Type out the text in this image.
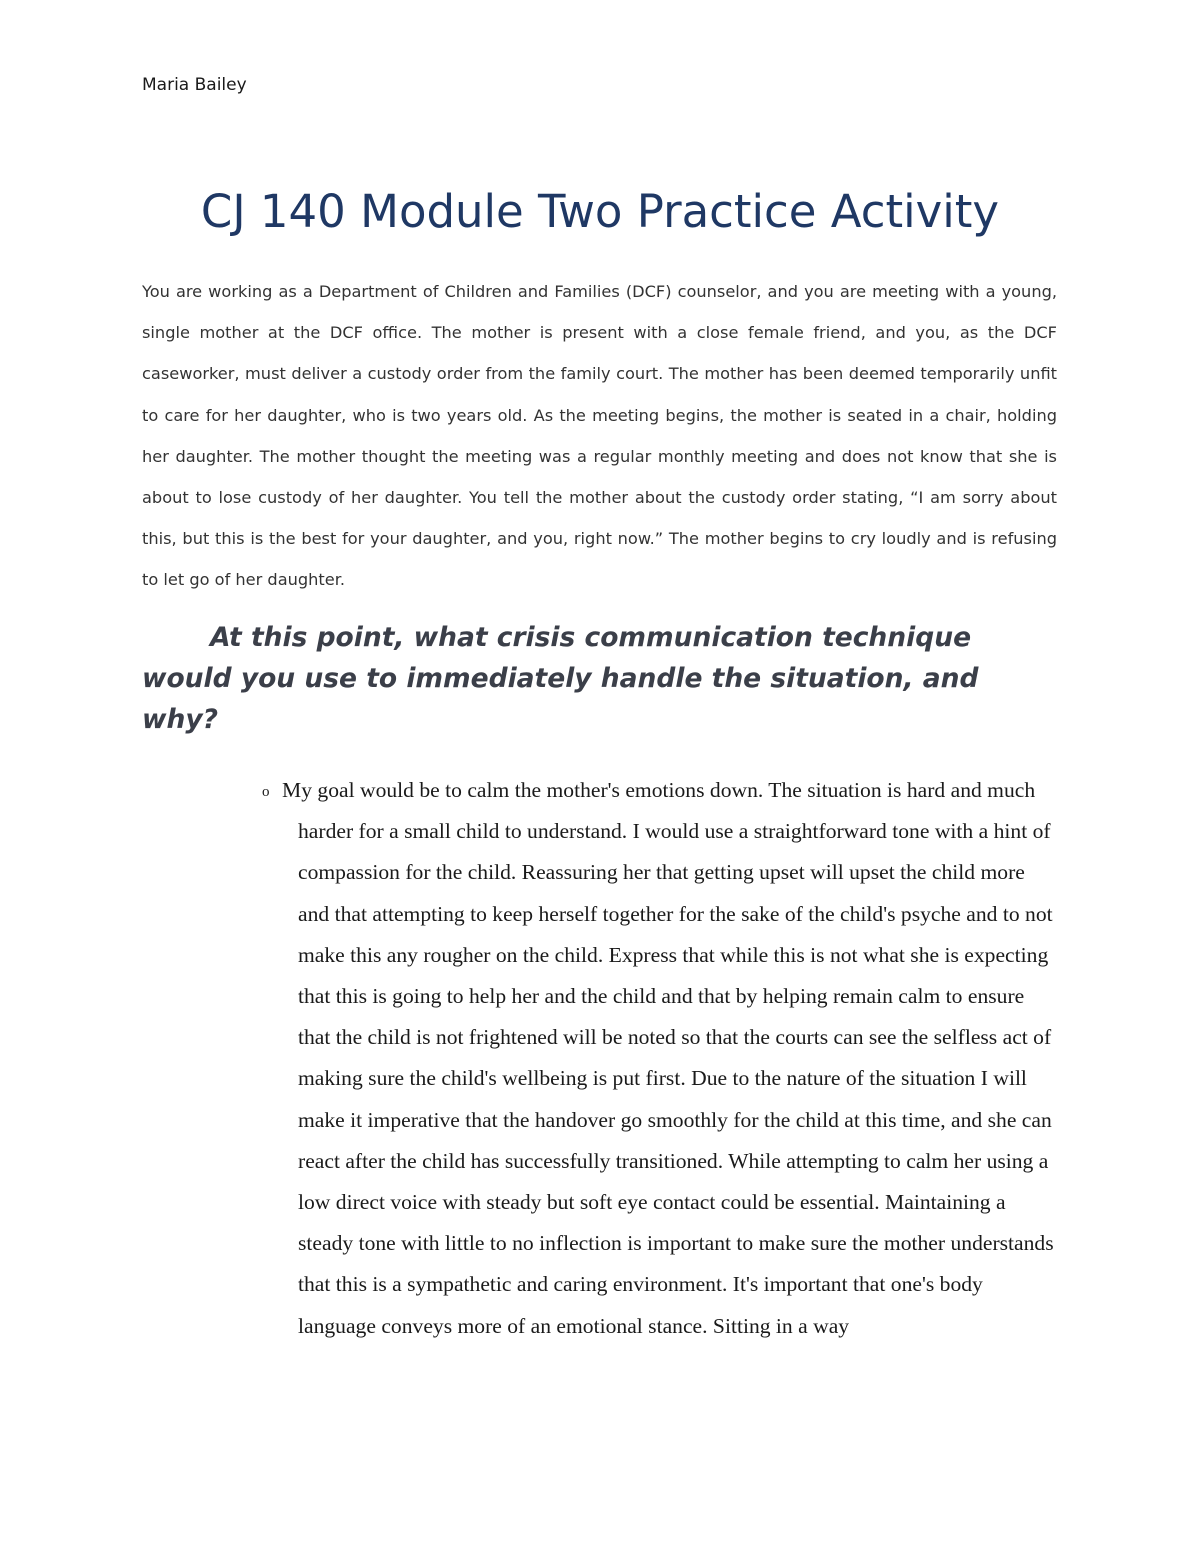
Maria Bailey

CJ 140 Module Two Practice Activity

You are working as a Department of Children and Families (DCF) counselor, and you are meeting with a young, single mother at the DCF office. The mother is present with a close female friend, and you, as the DCF caseworker, must deliver a custody order from the family court. The mother has been deemed temporarily unfit to care for her daughter, who is two years old. As the meeting begins, the mother is seated in a chair, holding her daughter. The mother thought the meeting was a regular monthly meeting and does not know that she is about to lose custody of her daughter. You tell the mother about the custody order stating, “I am sorry about this, but this is the best for your daughter, and you, right now.” The mother begins to cry loudly and is refusing to let go of her daughter.

At this point, what crisis communication technique would you use to immediately handle the situation, and why?
o My goal would be to calm the mother's emotions down. The situation is hard and much harder for a small child to understand. I would use a straightforward tone with a hint of compassion for the child. Reassuring her that getting upset will upset the child more and that attempting to keep herself together for the sake of the child's psyche and to not make this any rougher on the child. Express that while this is not what she is expecting that this is going to help her and the child and that by helping remain calm to ensure that the child is not frightened will be noted so that the courts can see the selfless act of making sure the child's wellbeing is put first. Due to the nature of the situation I will make it imperative that the handover go smoothly for the child at this time, and she can react after the child has successfully transitioned. While attempting to calm her using a low direct voice with steady but soft eye contact could be essential. Maintaining a steady tone with little to no inflection is important to make sure the mother understands that this is a sympathetic and caring environment. It's important that one's body language conveys more of an emotional stance. Sitting in a way
